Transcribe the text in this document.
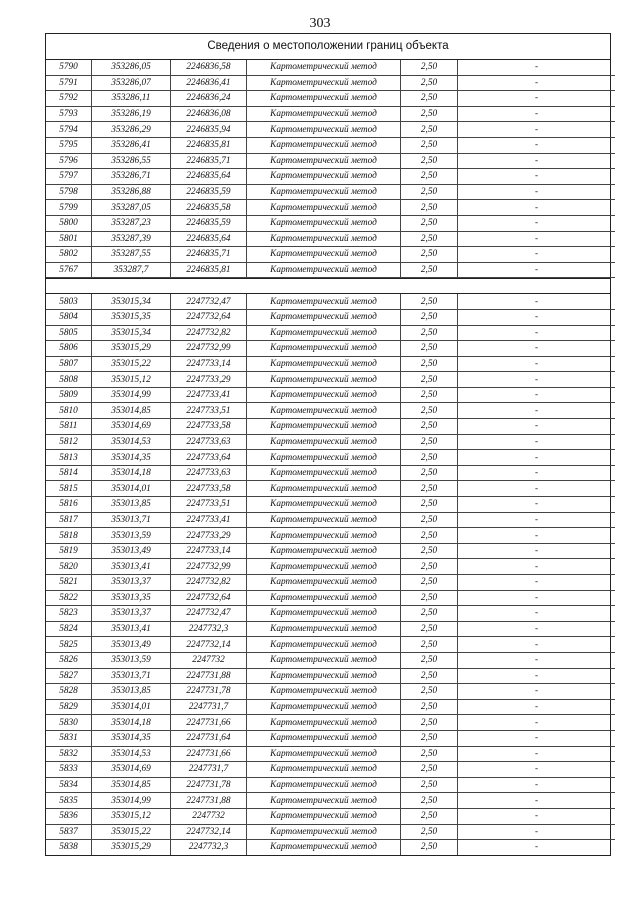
303
Сведения о местоположении границ объекта
5790	353286,05	2246836,58	Картометрический метод	2,50	-
5791	353286,07	2246836,41	Картометрический метод	2,50	-
5792	353286,11	2246836,24	Картометрический метод	2,50	-
5793	353286,19	2246836,08	Картометрический метод	2,50	-
5794	353286,29	2246835,94	Картометрический метод	2,50	-
5795	353286,41	2246835,81	Картометрический метод	2,50	-
5796	353286,55	2246835,71	Картометрический метод	2,50	-
5797	353286,71	2246835,64	Картометрический метод	2,50	-
5798	353286,88	2246835,59	Картометрический метод	2,50	-
5799	353287,05	2246835,58	Картометрический метод	2,50	-
5800	353287,23	2246835,59	Картометрический метод	2,50	-
5801	353287,39	2246835,64	Картометрический метод	2,50	-
5802	353287,55	2246835,71	Картометрический метод	2,50	-
5767	353287,7	2246835,81	Картометрический метод	2,50	-
5803	353015,34	2247732,47	Картометрический метод	2,50	-
5804	353015,35	2247732,64	Картометрический метод	2,50	-
5805	353015,34	2247732,82	Картометрический метод	2,50	-
5806	353015,29	2247732,99	Картометрический метод	2,50	-
5807	353015,22	2247733,14	Картометрический метод	2,50	-
5808	353015,12	2247733,29	Картометрический метод	2,50	-
5809	353014,99	2247733,41	Картометрический метод	2,50	-
5810	353014,85	2247733,51	Картометрический метод	2,50	-
5811	353014,69	2247733,58	Картометрический метод	2,50	-
5812	353014,53	2247733,63	Картометрический метод	2,50	-
5813	353014,35	2247733,64	Картометрический метод	2,50	-
5814	353014,18	2247733,63	Картометрический метод	2,50	-
5815	353014,01	2247733,58	Картометрический метод	2,50	-
5816	353013,85	2247733,51	Картометрический метод	2,50	-
5817	353013,71	2247733,41	Картометрический метод	2,50	-
5818	353013,59	2247733,29	Картометрический метод	2,50	-
5819	353013,49	2247733,14	Картометрический метод	2,50	-
5820	353013,41	2247732,99	Картометрический метод	2,50	-
5821	353013,37	2247732,82	Картометрический метод	2,50	-
5822	353013,35	2247732,64	Картометрический метод	2,50	-
5823	353013,37	2247732,47	Картометрический метод	2,50	-
5824	353013,41	2247732,3	Картометрический метод	2,50	-
5825	353013,49	2247732,14	Картометрический метод	2,50	-
5826	353013,59	2247732	Картометрический метод	2,50	-
5827	353013,71	2247731,88	Картометрический метод	2,50	-
5828	353013,85	2247731,78	Картометрический метод	2,50	-
5829	353014,01	2247731,7	Картометрический метод	2,50	-
5830	353014,18	2247731,66	Картометрический метод	2,50	-
5831	353014,35	2247731,64	Картометрический метод	2,50	-
5832	353014,53	2247731,66	Картометрический метод	2,50	-
5833	353014,69	2247731,7	Картометрический метод	2,50	-
5834	353014,85	2247731,78	Картометрический метод	2,50	-
5835	353014,99	2247731,88	Картометрический метод	2,50	-
5836	353015,12	2247732	Картометрический метод	2,50	-
5837	353015,22	2247732,14	Картометрический метод	2,50	-
5838	353015,29	2247732,3	Картометрический метод	2,50	-
